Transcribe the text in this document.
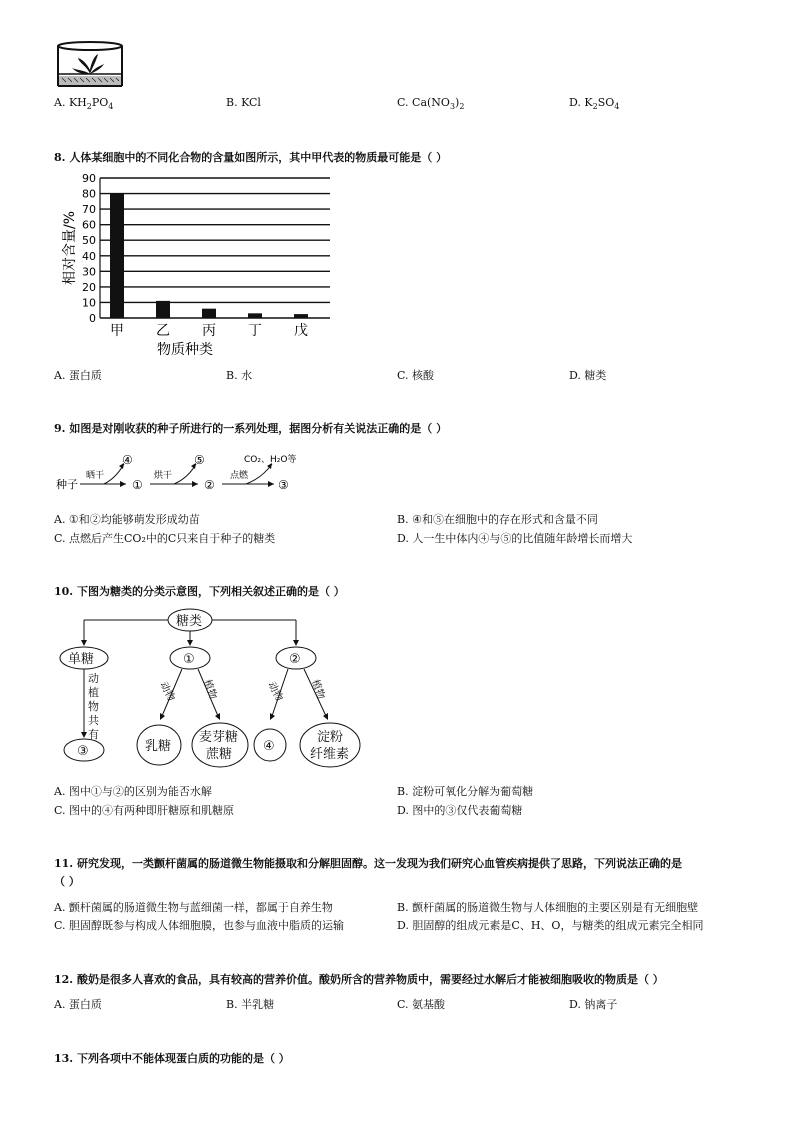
A. $KH_2PO_4$	B. KCl	C. $Ca(NO_3)_2$	D. $K_2SO_4$
8. 人体某细胞中的不同化合物的含量如图所示，其中甲代表的物质最可能是（ ）
0
10
20
30
40
50
60
70
80
90
甲 乙 丙 丁 戊
物质种类
相对含量/%
A. 蛋白质	B. 水	C. 核酸	D. 糖类
9. 如图是对刚收获的种子所进行的一系列处理，据图分析有关说法正确的是（ ）
种子
晒干
④
①
烘干
⑤
②
点燃
CO₂、H₂O等
③
A. ①和②均能够萌发形成幼苗	B. ④和⑤在细胞中的存在形式和含量不同
C. 点燃后产生CO₂中的C只来自于种子的糖类	D. 人一生中体内④与⑤的比值随年龄增长而增大
10. 下图为糖类的分类示意图，下列相关叙述正确的是（ ）
糖类
单糖	①	②
动
植
物
共
有
③
动物 植物
乳糖
麦芽糖
蔗糖
动物 植物
④
淀粉
纤维素
A. 图中①与②的区别为能否水解	B. 淀粉可氧化分解为葡萄糖
C. 图中的④有两种即肝糖原和肌糖原	D. 图中的③仅代表葡萄糖
11. 研究发现，一类颤杆菌属的肠道微生物能摄取和分解胆固醇。这一发现为我们研究心血管疾病提供了思路，下列说法正确的是
（ ）
A. 颤杆菌属的肠道微生物与蓝细菌一样，都属于自养生物	B. 颤杆菌属的肠道微生物与人体细胞的主要区别是有无细胞壁
C. 胆固醇既参与构成人体细胞膜，也参与血液中脂质的运输	D. 胆固醇的组成元素是C、H、O，与糖类的组成元素完全相同
12. 酸奶是很多人喜欢的食品，具有较高的营养价值。酸奶所含的营养物质中，需要经过水解后才能被细胞吸收的物质是（ ）
A. 蛋白质	B. 半乳糖	C. 氨基酸	D. 钠离子
13. 下列各项中不能体现蛋白质的功能的是（ ）
